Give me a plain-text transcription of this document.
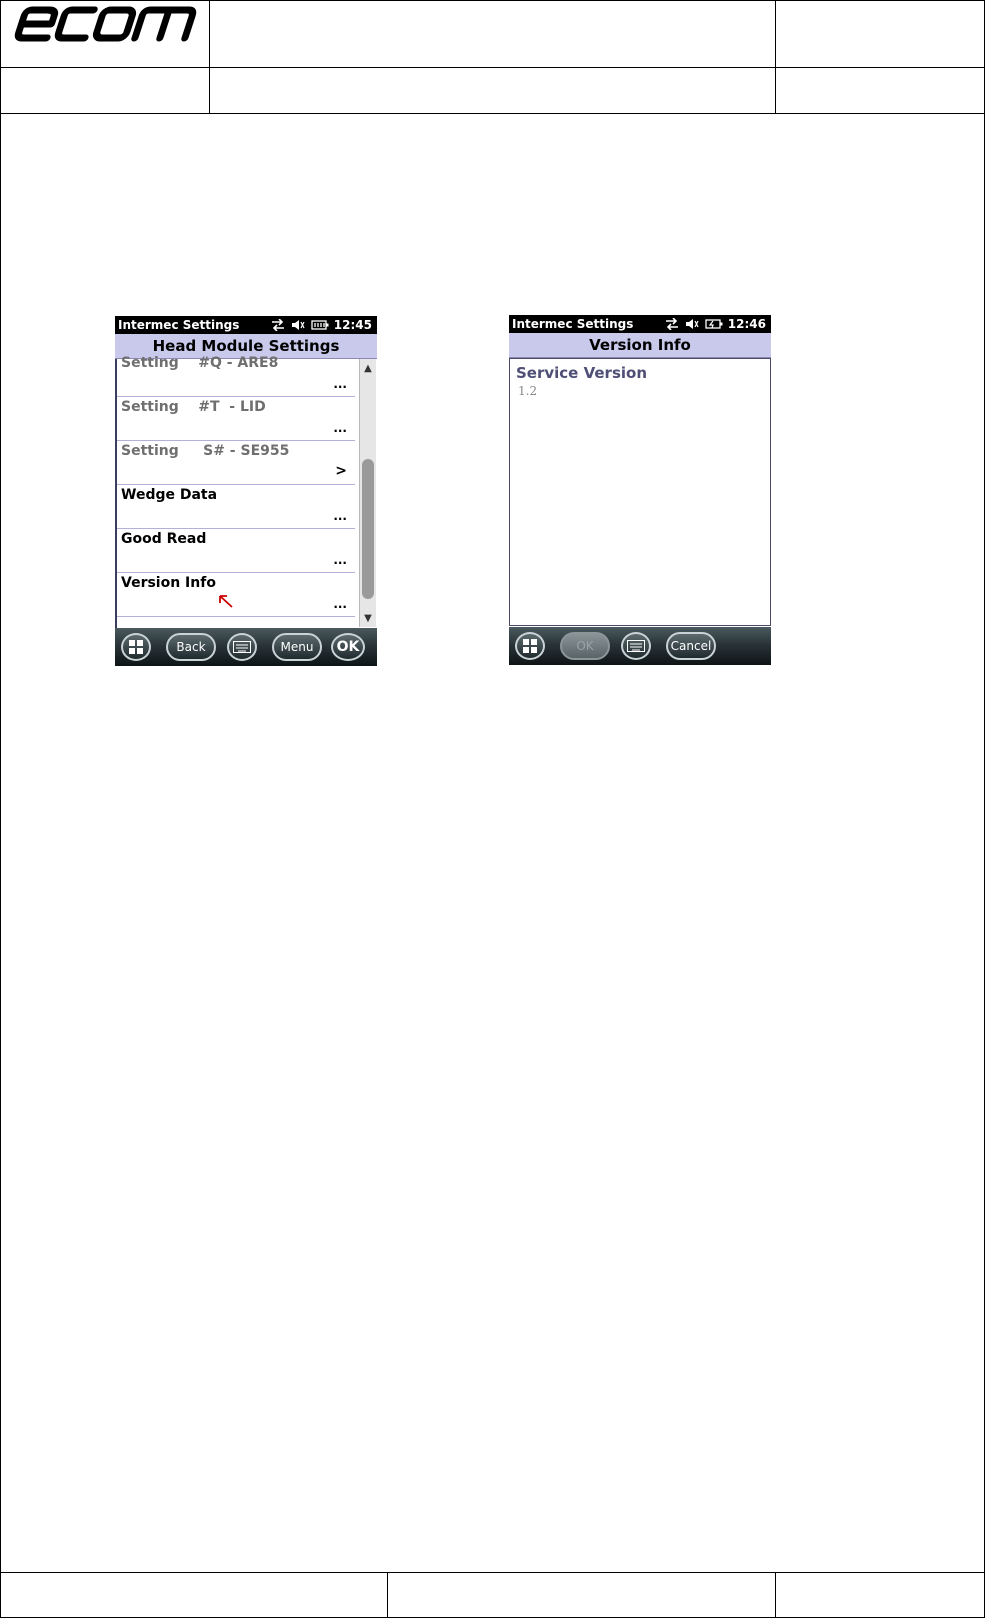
Intermec Settings	12:45
Head Module Settings
Setting    #Q - ARE8
...
Setting    #T  - LID
...
Setting     S# - SE955
>
Wedge Data
...
Good Read
...
Version Info
...
▲
▼
Back	Menu	OK
Intermec Settings	12:46
Version Info
Service Version
1.2
OK	Cancel
